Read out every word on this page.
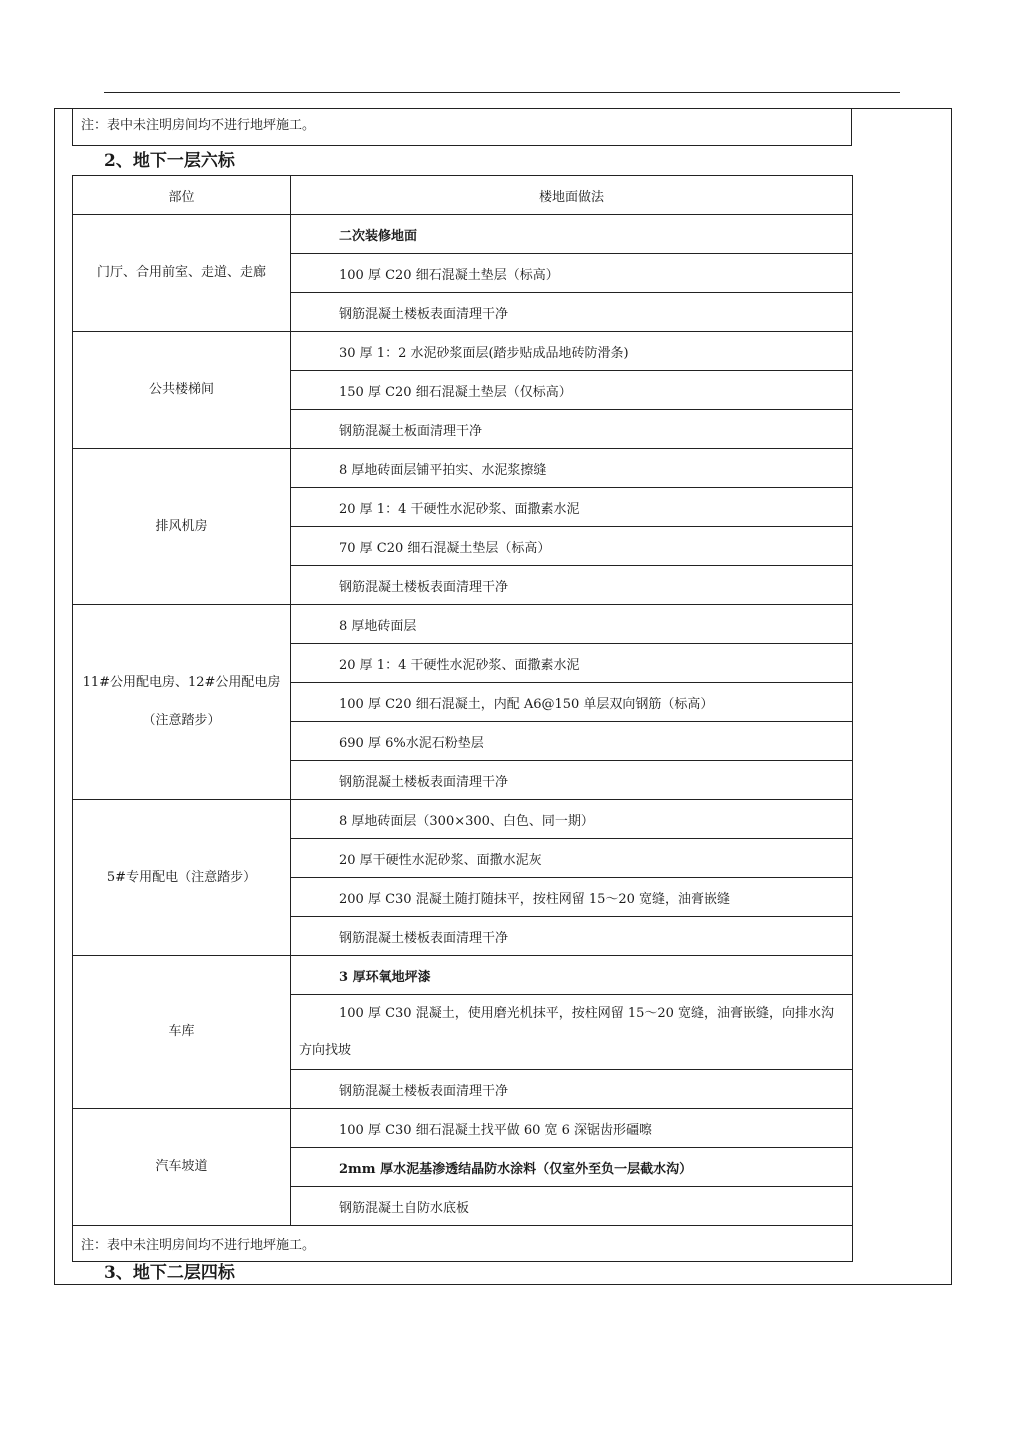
注：表中未注明房间均不进行地坪施工。
2、地下一层六标
部位	楼地面做法
门厅、合用前室、走道、走廊	二次装修地面
	100 厚 C20 细石混凝土垫层（标高）
	钢筋混凝土楼板表面清理干净
公共楼梯间	30 厚 1：2 水泥砂浆面层(踏步贴成品地砖防滑条)
	150 厚 C20 细石混凝土垫层（仅标高）
	钢筋混凝土板面清理干净
排风机房	8 厚地砖面层铺平拍实、水泥浆擦缝
	20 厚 1：4 干硬性水泥砂浆、面撒素水泥
	70 厚 C20 细石混凝土垫层（标高）
	钢筋混凝土楼板表面清理干净
11#公用配电房、12#公用配电房（注意踏步）	8 厚地砖面层
	20 厚 1：4 干硬性水泥砂浆、面撒素水泥
	100 厚 C20 细石混凝土，内配 A6@150 单层双向钢筋（标高）
	690 厚 6%水泥石粉垫层
	钢筋混凝土楼板表面清理干净
5#专用配电（注意踏步）	8 厚地砖面层（300×300、白色、同一期）
	20 厚干硬性水泥砂浆、面撒水泥灰
	200 厚 C30 混凝土随打随抹平，按柱网留 15～20 宽缝，油膏嵌缝
	钢筋混凝土楼板表面清理干净
车库	3 厚环氧地坪漆
	100 厚 C30 混凝土，使用磨光机抹平，按柱网留 15～20 宽缝，油膏嵌缝，向排水沟方向找坡
	钢筋混凝土楼板表面清理干净
汽车坡道	100 厚 C30 细石混凝土找平做 60 宽 6 深锯齿形礓嚓
	2mm 厚水泥基渗透结晶防水涂料（仅室外至负一层截水沟）
	钢筋混凝土自防水底板
注：表中未注明房间均不进行地坪施工。	
3、地下二层四标
